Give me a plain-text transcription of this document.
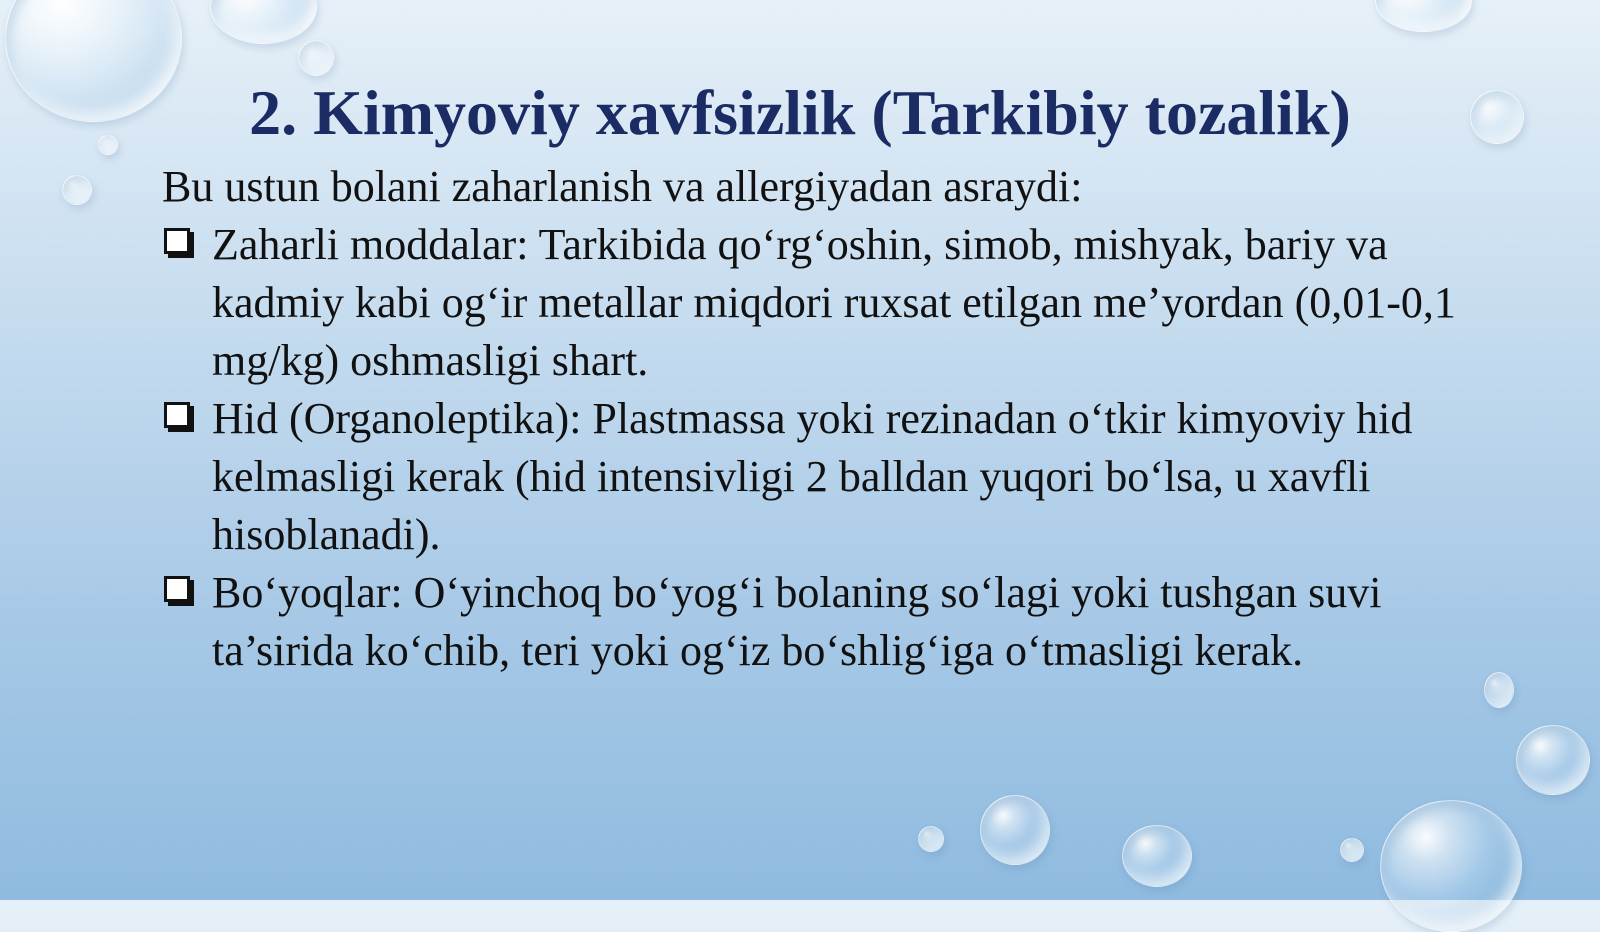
2. Kimyoviy xavfsizlik (Tarkibiy tozalik)

Bu ustun bolani zaharlanish va allergiyadan asraydi:

Zaharli moddalar: Tarkibida qo‘rg‘oshin, simob, mishyak, bariy va kadmiy kabi og‘ir metallar miqdori ruxsat etilgan me’yordan (0,01-0,1 mg/kg) oshmasligi shart.
Hid (Organoleptika): Plastmassa yoki rezinadan o‘tkir kimyoviy hid kelmasligi kerak (hid intensivligi 2 balldan yuqori bo‘lsa, u xavfli hisoblanadi).
Bo‘yoqlar: O‘yinchoq bo‘yog‘i bolaning so‘lagi yoki tushgan suvi ta’sirida ko‘chib, teri yoki og‘iz bo‘shlig‘iga o‘tmasligi kerak.
